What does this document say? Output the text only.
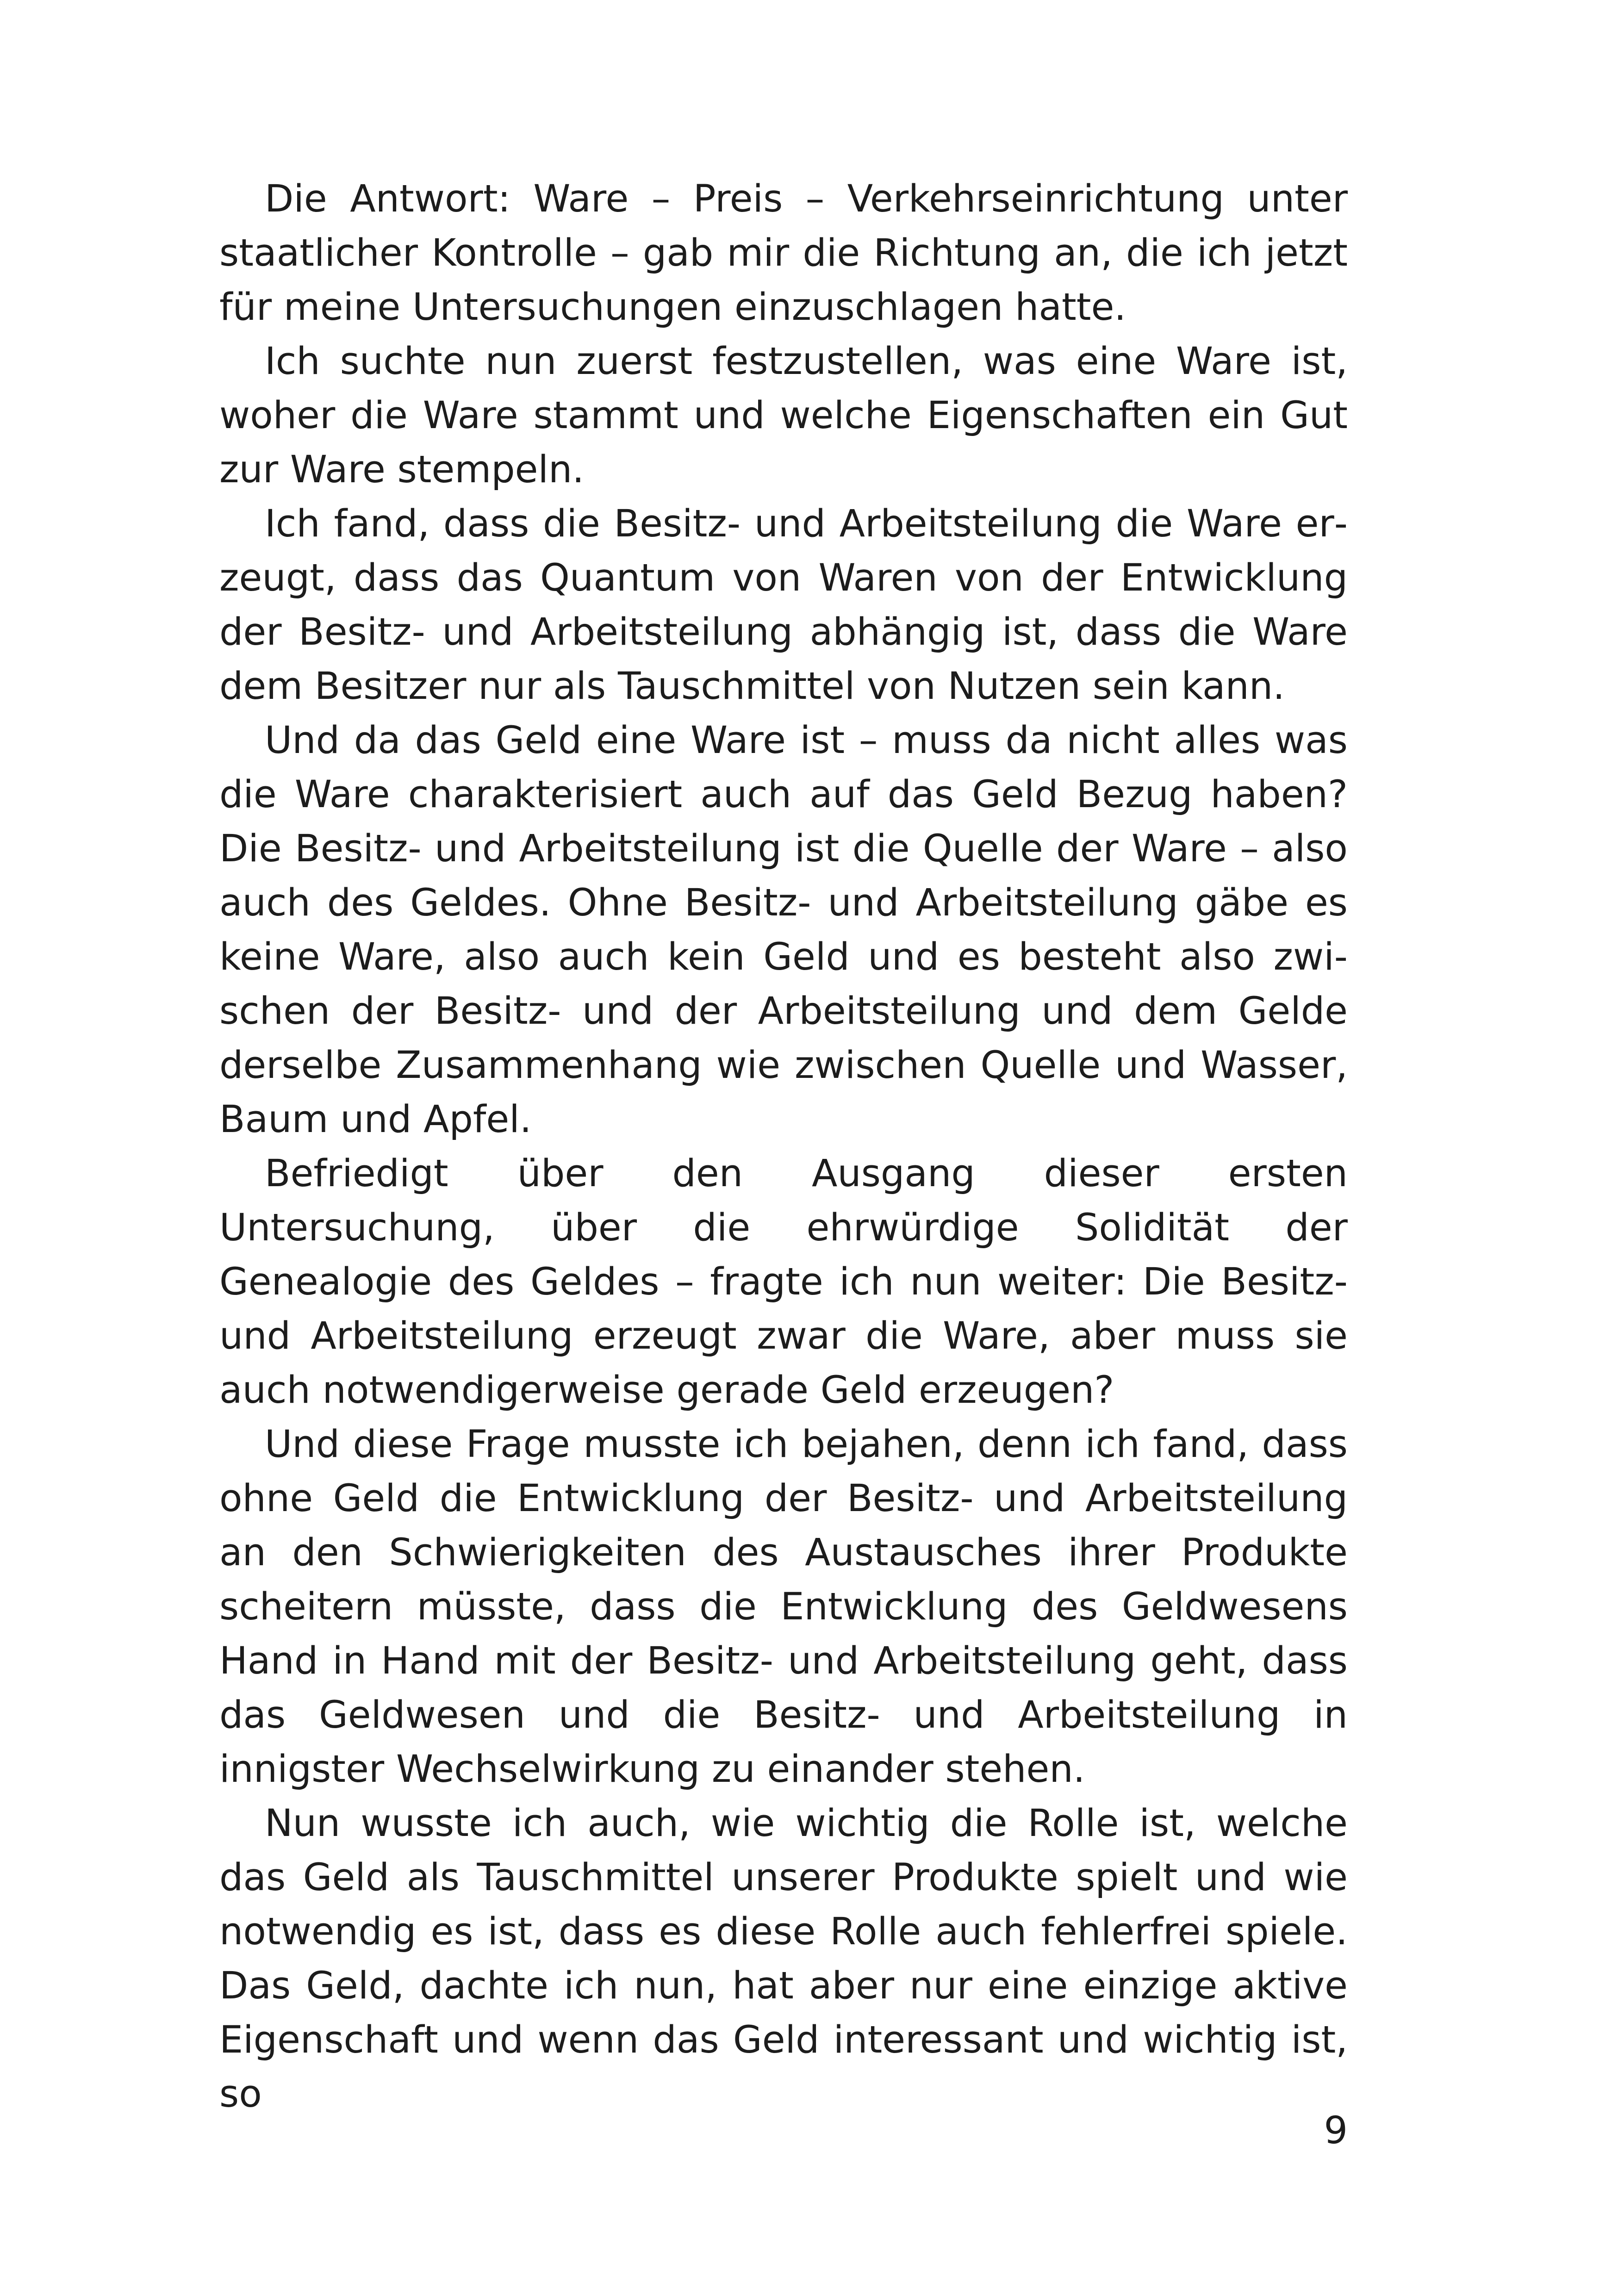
Die Antwort: Ware – Preis – Verkehrseinrichtung unter staatlicher Kontrolle – gab mir die Richtung an, die ich jetzt für meine Untersuchungen einzuschlagen hatte.

Ich suchte nun zuerst festzustellen, was eine Ware ist, woher die Ware stammt und welche Eigenschaften ein Gut zur Ware stempeln.

Ich fand, dass die Besitz- und Arbeitsteilung die Ware erzeugt, dass das Quantum von Waren von der Entwicklung der Besitz- und Arbeitsteilung abhängig ist, dass die Ware dem Besitzer nur als Tauschmittel von Nutzen sein kann.

Und da das Geld eine Ware ist – muss da nicht alles was die Ware charakterisiert auch auf das Geld Bezug haben? Die Besitz- und Arbeitsteilung ist die Quelle der Ware – also auch des Geldes. Ohne Besitz- und Arbeitsteilung gäbe es keine Ware, also auch kein Geld und es besteht also zwischen der Besitz- und der Arbeitsteilung und dem Gelde derselbe Zusammenhang wie zwischen Quelle und Wasser, Baum und Apfel.

Befriedigt über den Ausgang dieser ersten Untersuchung, über die ehrwürdige Solidität der Genealogie des Geldes – fragte ich nun weiter: Die Besitz- und Arbeitsteilung erzeugt zwar die Ware, aber muss sie auch notwendigerweise gerade Geld erzeugen?

Und diese Frage musste ich bejahen, denn ich fand, dass ohne Geld die Entwicklung der Besitz- und Arbeitsteilung an den Schwierigkeiten des Austausches ihrer Produkte scheitern müsste, dass die Entwicklung des Geldwesens Hand in Hand mit der Besitz- und Arbeitsteilung geht, dass das Geldwesen und die Besitz- und Arbeitsteilung in innigster Wechselwirkung zu einander stehen.

Nun wusste ich auch, wie wichtig die Rolle ist, welche das Geld als Tauschmittel unserer Produkte spielt und wie notwendig es ist, dass es diese Rolle auch fehlerfrei spiele. Das Geld, dachte ich nun, hat aber nur eine einzige aktive Eigenschaft und wenn das Geld interessant und wichtig ist, so

9
